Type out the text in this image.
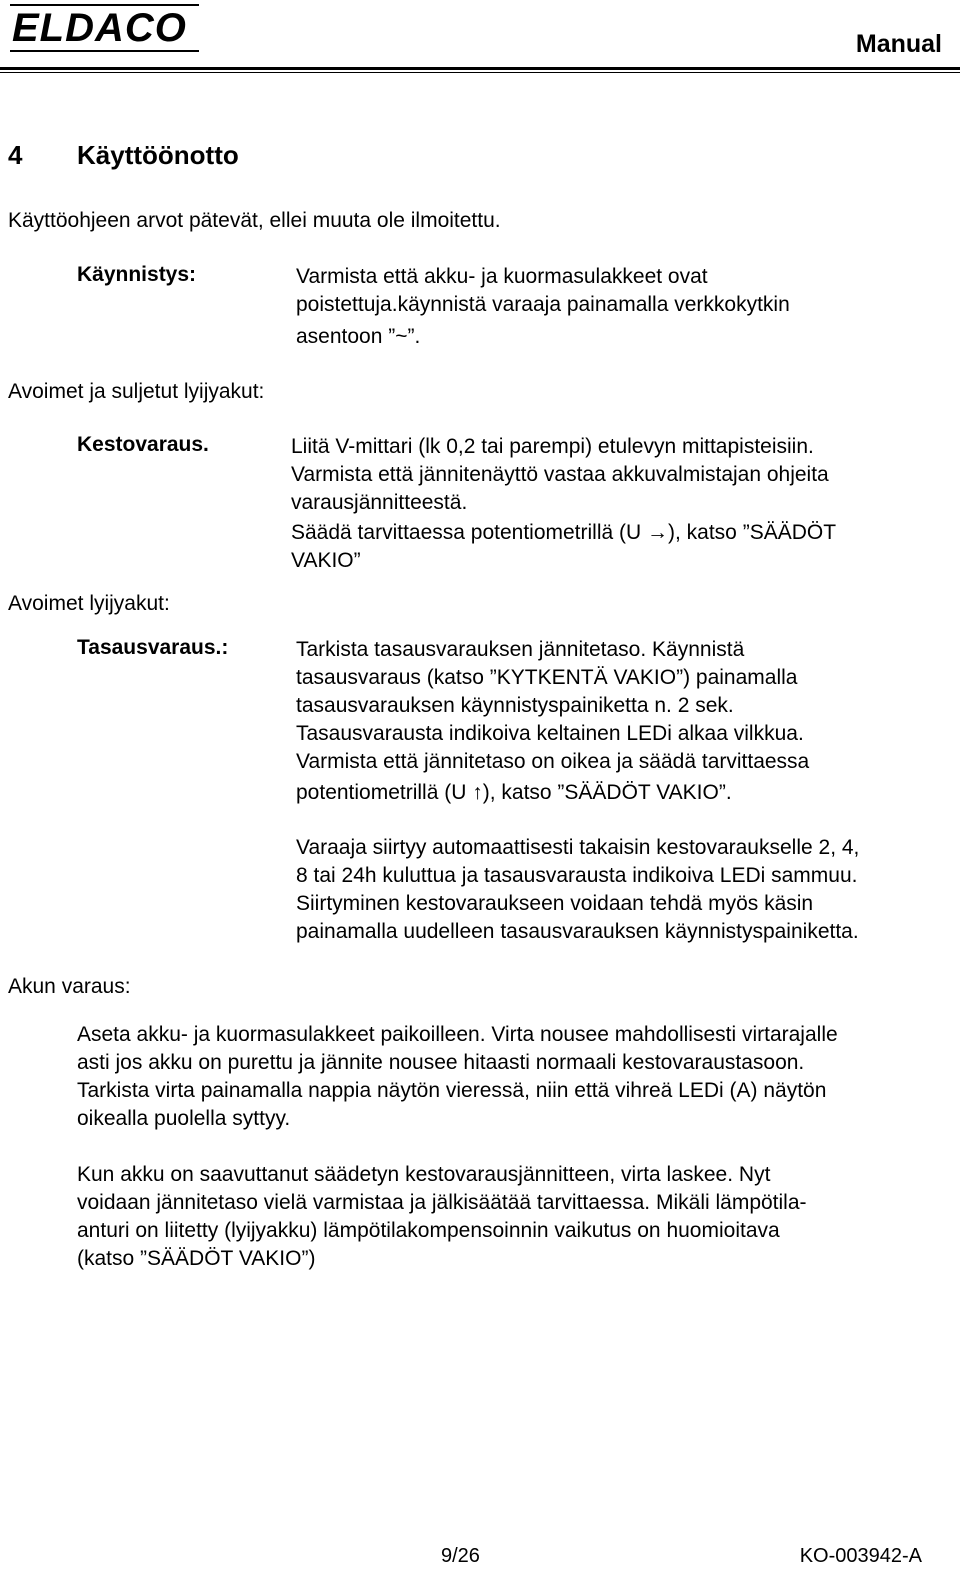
ELDACO	Manual
4 Käyttöönotto
Käyttöohjeen arvot pätevät, ellei muuta ole ilmoitettu.
Käynnistys:	Varmista että akku- ja kuormasulakkeet ovat
poistettuja.käynnistä varaaja painamalla verkkokytkin
asentoon ”~”.
Avoimet ja suljetut lyijyakut:
Kestovaraus.	Liitä V-mittari (lk 0,2 tai parempi) etulevyn mittapisteisiin.
Varmista että jännitenäyttö vastaa akkuvalmistajan ohjeita
varausjännitteestä.
Säädä tarvittaessa potentiometrillä (U →), katso ”SÄÄDÖT
VAKIO”
Avoimet lyijyakut:
Tasausvaraus.:	Tarkista tasausvarauksen jännitetaso. Käynnistä
tasausvaraus (katso ”KYTKENTÄ VAKIO”) painamalla
tasausvarauksen käynnistyspainiketta n. 2 sek.
Tasausvarausta indikoiva keltainen LEDi alkaa vilkkua.
Varmista että jännitetaso on oikea ja säädä tarvittaessa
potentiometrillä (U ↑), katso ”SÄÄDÖT VAKIO”.
Varaaja siirtyy automaattisesti takaisin kestovaraukselle 2, 4,
8 tai 24h kuluttua ja tasausvarausta indikoiva LEDi sammuu.
Siirtyminen kestovaraukseen voidaan tehdä myös käsin
painamalla uudelleen tasausvarauksen käynnistyspainiketta.
Akun varaus:
Aseta akku- ja kuormasulakkeet paikoilleen. Virta nousee mahdollisesti virtarajalle
asti jos akku on purettu ja jännite nousee hitaasti normaali kestovaraustasoon.
Tarkista virta painamalla nappia näytön vieressä, niin että vihreä LEDi (A) näytön
oikealla puolella syttyy.
Kun akku on saavuttanut säädetyn kestovarausjännitteen, virta laskee. Nyt
voidaan jännitetaso vielä varmistaa ja jälkisäätää tarvittaessa. Mikäli lämpötila-
anturi on liitetty (lyijyakku) lämpötilakompensoinnin vaikutus on huomioitava
(katso ”SÄÄDÖT VAKIO”)
9/26	KO-003942-A
